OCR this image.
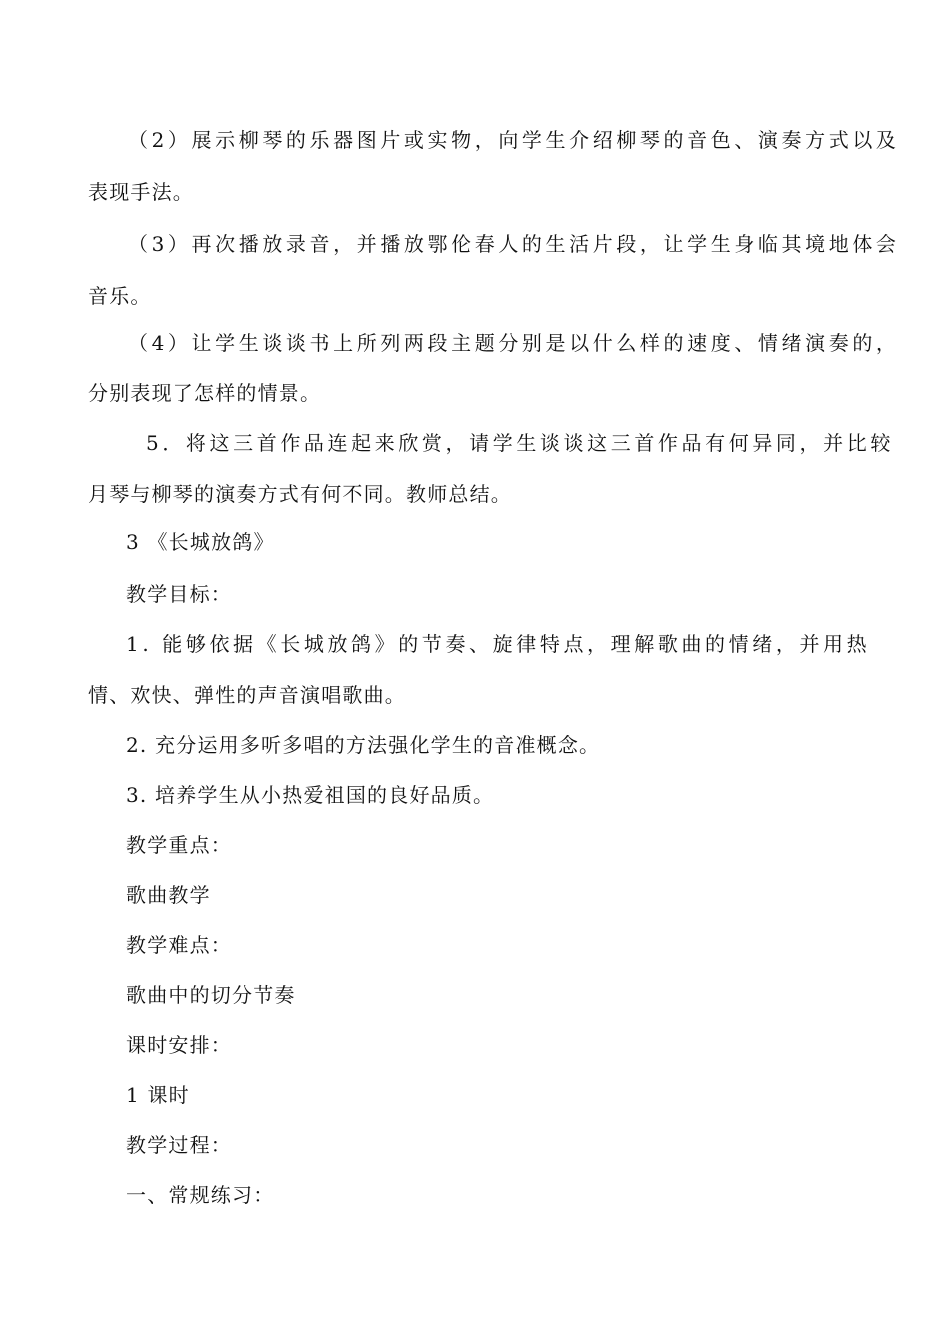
（2）展示柳琴的乐器图片或实物，向学生介绍柳琴的音色、演奏方式以及
表现手法。
（3）再次播放录音，并播放鄂伦春人的生活片段，让学生身临其境地体会
音乐。
（4）让学生谈谈书上所列两段主题分别是以什么样的速度、情绪演奏的，
分别表现了怎样的情景。
5．将这三首作品连起来欣赏，请学生谈谈这三首作品有何异同，并比较
月琴与柳琴的演奏方式有何不同。教师总结。
3 《长城放鸽》
教学目标：
1. 能够依据《长城放鸽》的节奏、旋律特点，理解歌曲的情绪，并用热
情、欢快、弹性的声音演唱歌曲。
2. 充分运用多听多唱的方法强化学生的音准概念。
3. 培养学生从小热爱祖国的良好品质。
教学重点：
歌曲教学
教学难点：
歌曲中的切分节奏
课时安排：
1 课时
教学过程：
一、常规练习：
